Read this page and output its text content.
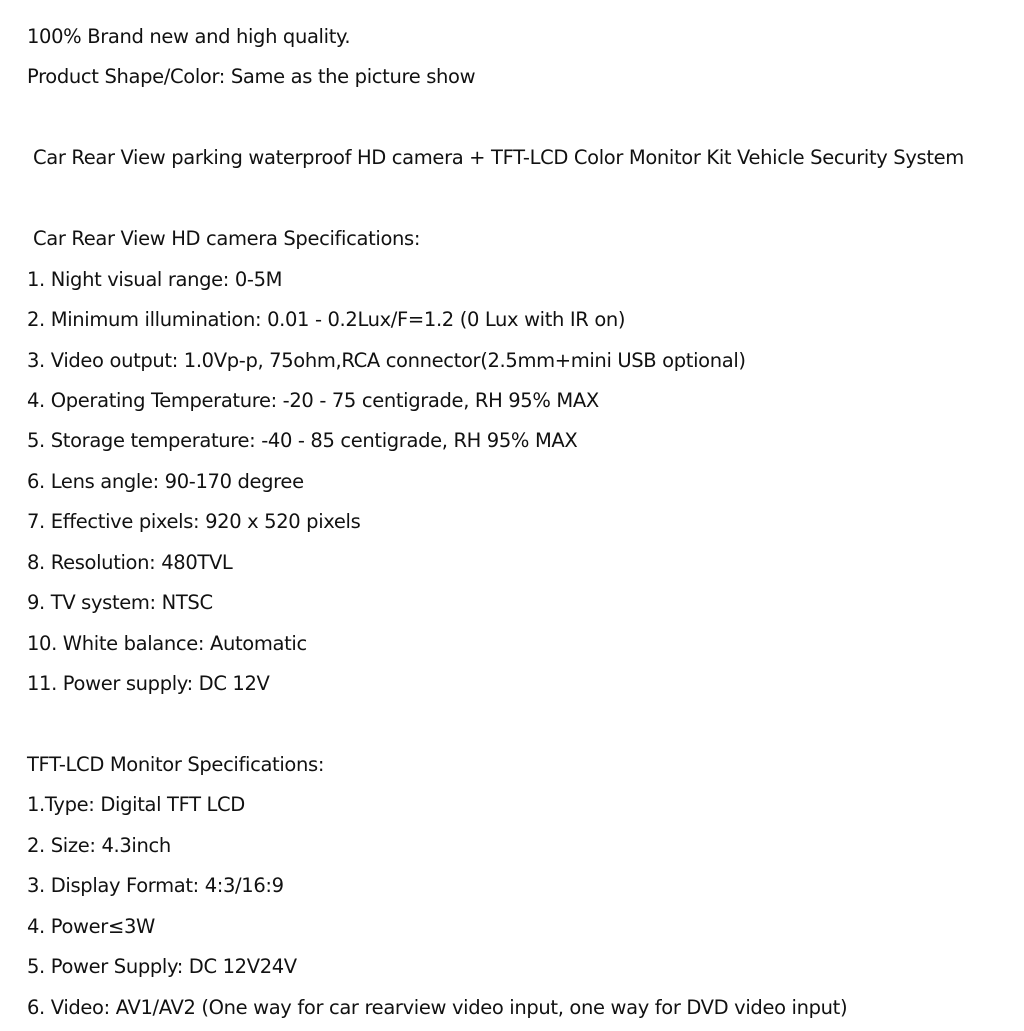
100% Brand new and high quality.
Product Shape/Color: Same as the picture show
Car Rear View parking waterproof HD camera + TFT-LCD Color Monitor Kit Vehicle Security System
Car Rear View HD camera Specifications:
1. Night visual range: 0-5M
2. Minimum illumination: 0.01 - 0.2Lux/F=1.2 (0 Lux with IR on)
3. Video output: 1.0Vp-p, 75ohm,RCA connector(2.5mm+mini USB optional)
4. Operating Temperature: -20 - 75 centigrade, RH 95% MAX
5. Storage temperature: -40 - 85 centigrade, RH 95% MAX
6. Lens angle: 90-170 degree
7. Effective pixels: 920 x 520 pixels
8. Resolution: 480TVL
9. TV system: NTSC
10. White balance: Automatic
11. Power supply: DC 12V
TFT-LCD Monitor Specifications:
1.Type: Digital TFT LCD
2. Size: 4.3inch
3. Display Format: 4:3/16:9
4. Power≤3W
5. Power Supply: DC 12V24V
6. Video: AV1/AV2 (One way for car rearview video input, one way for DVD video input)
